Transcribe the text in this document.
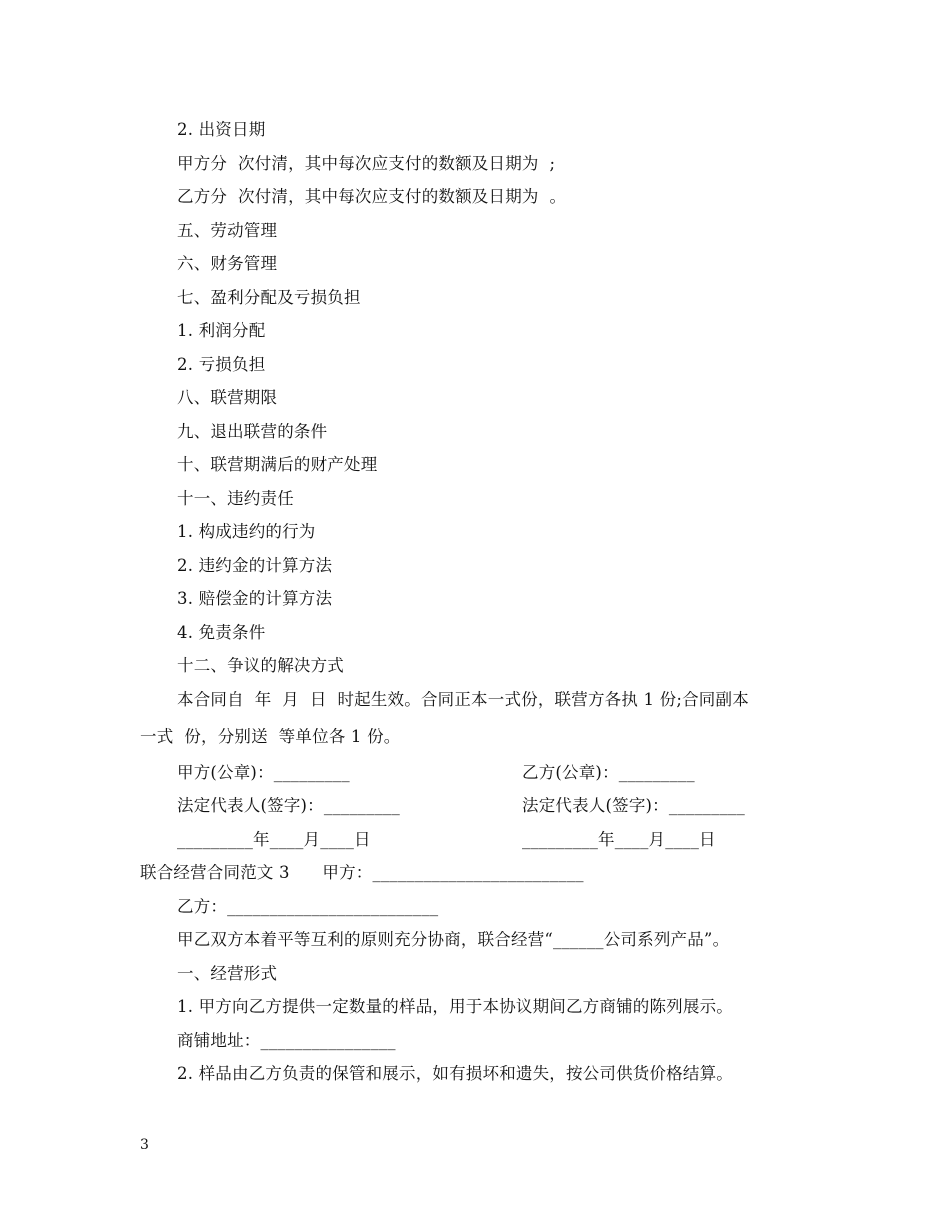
2. 出资日期
甲方分  次付清，其中每次应支付的数额及日期为  ;
乙方分  次付清，其中每次应支付的数额及日期为  。
五、劳动管理
六、财务管理
七、盈利分配及亏损负担
1. 利润分配
2. 亏损负担
八、联营期限
九、退出联营的条件
十、联营期满后的财产处理
十一、违约责任
1. 构成违约的行为
2. 违约金的计算方法
3. 赔偿金的计算方法
4. 免责条件
十二、争议的解决方式
本合同自  年  月  日  时起生效。合同正本一式份，联营方各执 1 份;合同副本
一式  份，分别送  等单位各 1 份。
甲方(公章)：_________	乙方(公章)：_________
法定代表人(签字)：_________	法定代表人(签字)：_________
_________年____月____日	_________年____月____日
联合经营合同范文 3      甲方：_________________________
乙方：_________________________
甲乙双方本着平等互利的原则充分协商，联合经营“______公司系列产品”。
一、经营形式
1. 甲方向乙方提供一定数量的样品，用于本协议期间乙方商铺的陈列展示。
商铺地址：________________
2. 样品由乙方负责的保管和展示，如有损坏和遗失，按公司供货价格结算。
3
